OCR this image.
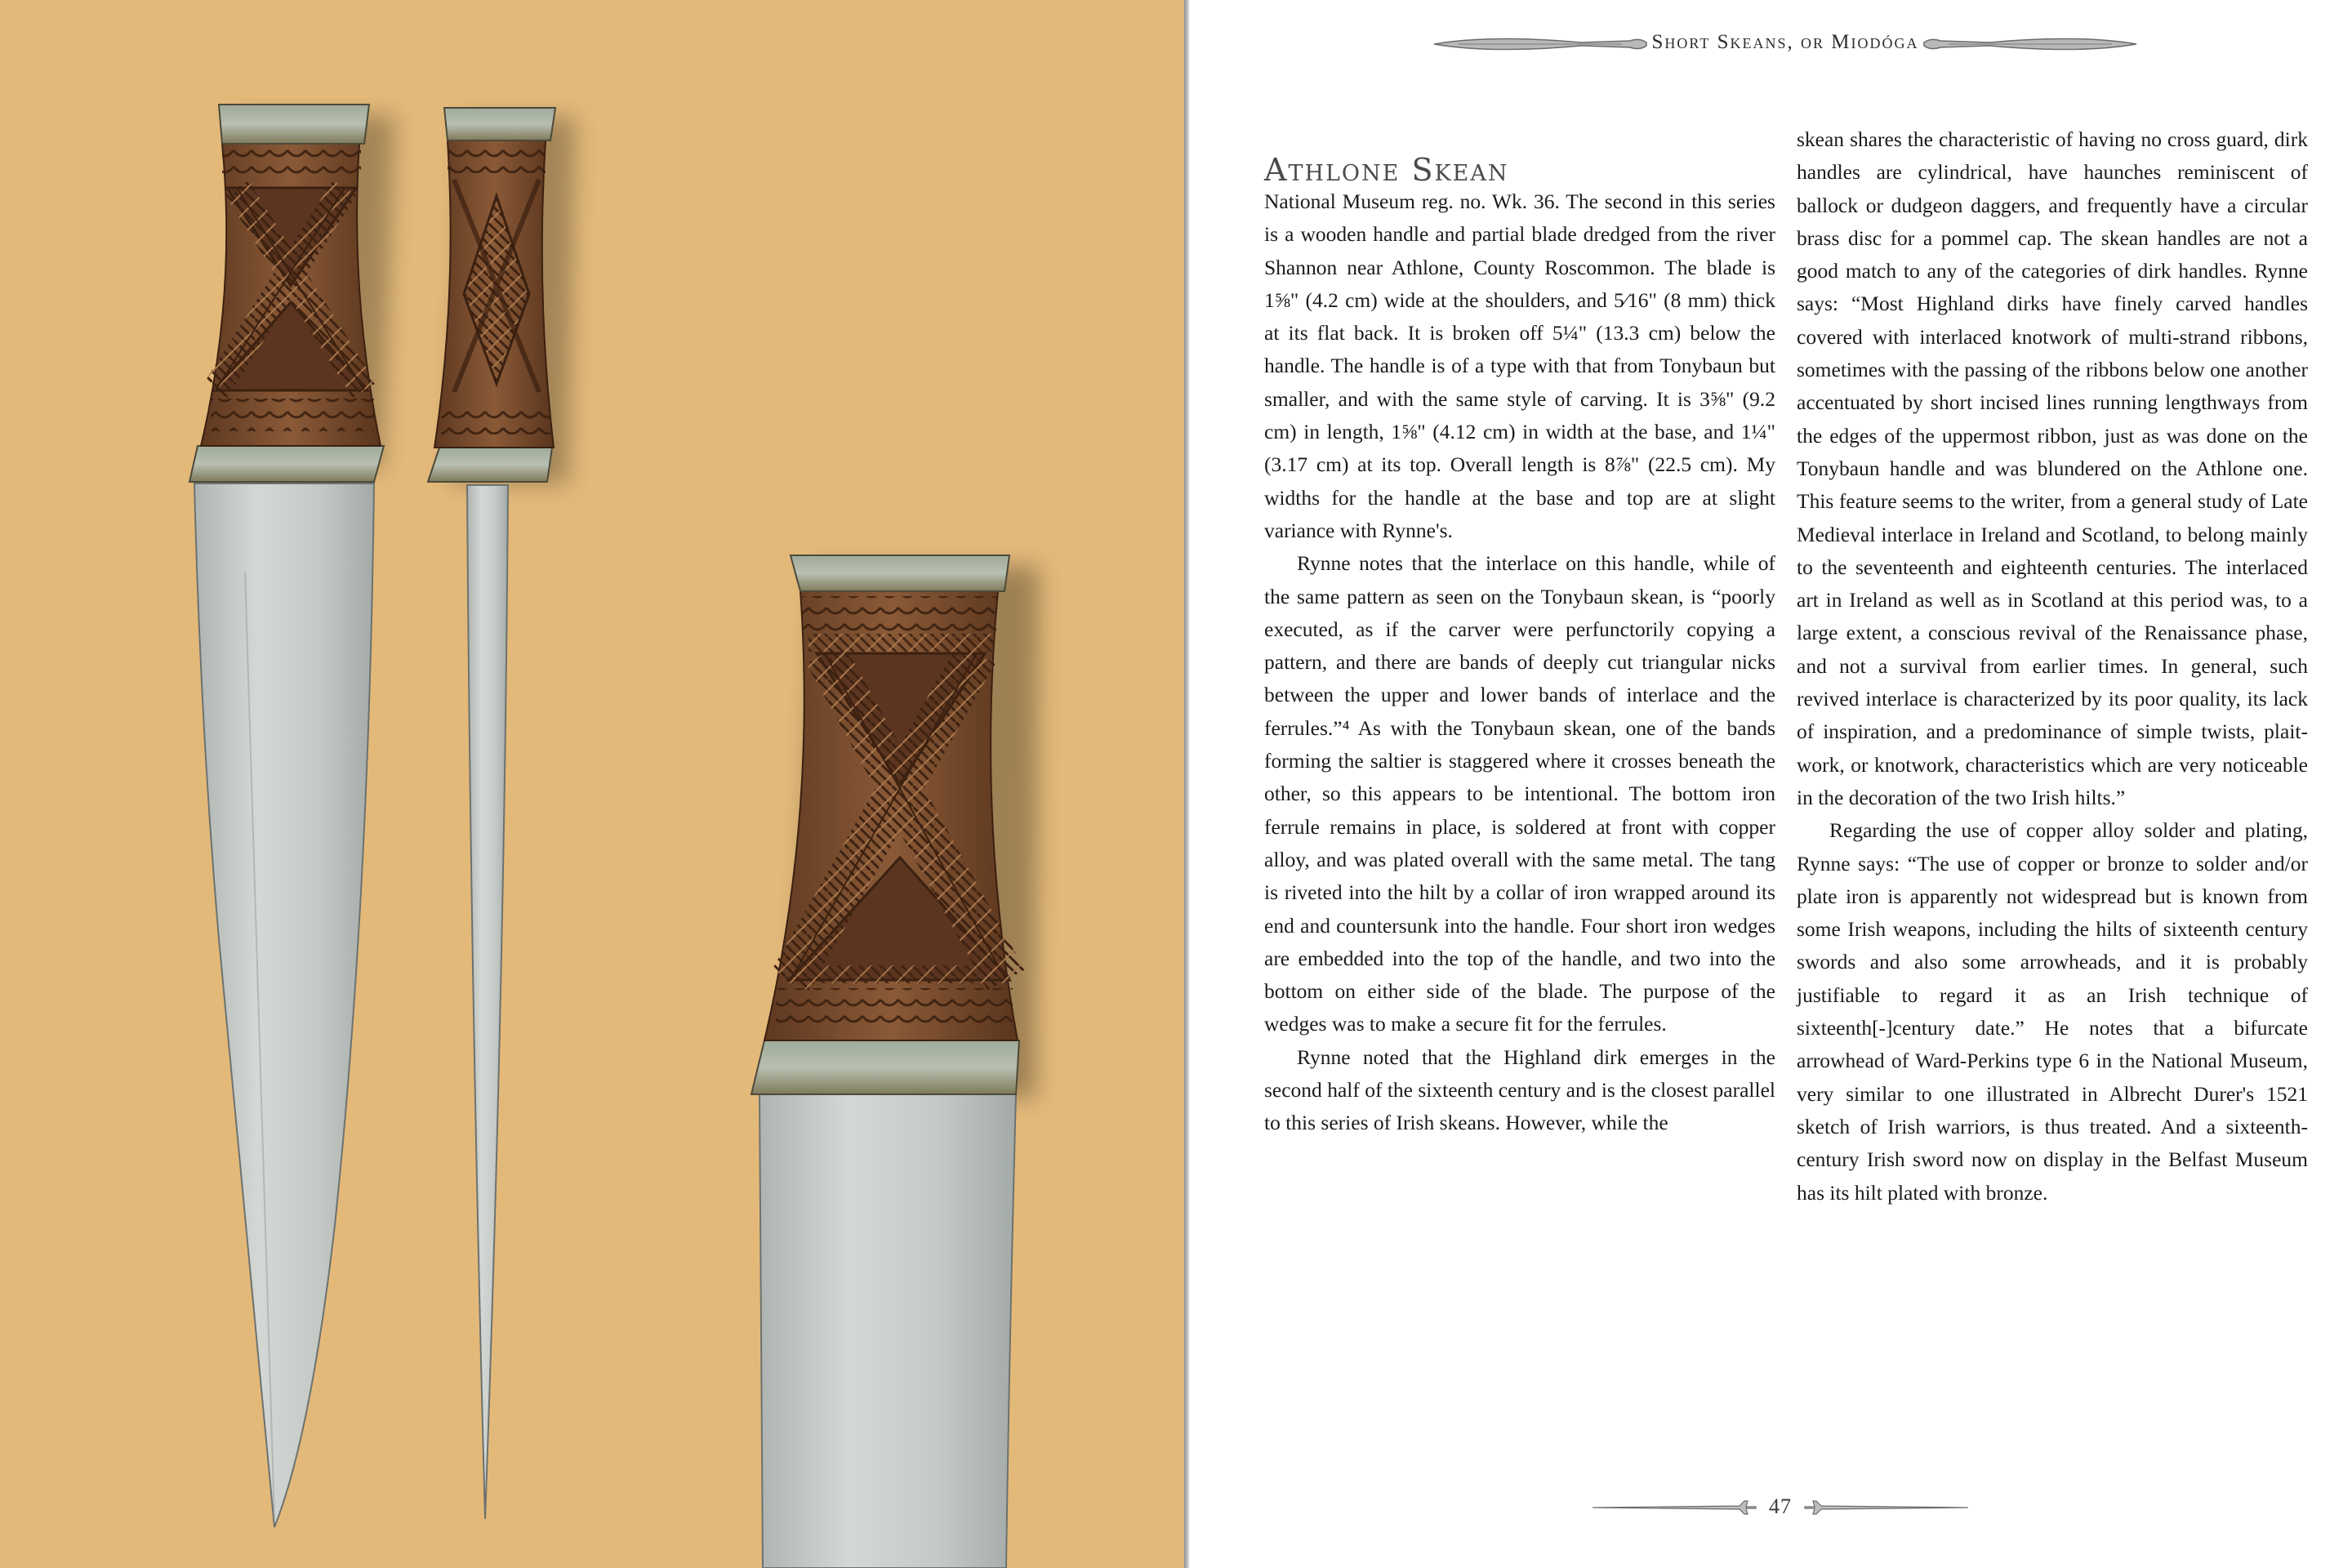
Short Skeans, or Miodóga
Athlone Skean

National Museum reg. no. Wk. 36. The second in this series is a wooden handle and partial blade dredged from the river Shannon near Athlone, County Roscommon. The blade is 1⅝" (4.2 cm) wide at the shoulders, and 5⁄16" (8 mm) thick at its flat back. It is broken off 5¼" (13.3 cm) below the handle. The handle is of a type with that from Tonybaun but smaller, and with the same style of carving. It is 3⅝" (9.2 cm) in length, 1⅝" (4.12 cm) in width at the base, and 1¼" (3.17 cm) at its top. Overall length is 8⅞" (22.5 cm). My widths for the handle at the base and top are at slight variance with Rynne's.

Rynne notes that the interlace on this handle, while of the same pattern as seen on the Tonybaun skean, is “poorly executed, as if the carver were perfunctorily copying a pattern, and there are bands of deeply cut triangular nicks between the upper and lower bands of interlace and the ferrules.”⁴ As with the Tonybaun skean, one of the bands forming the saltier is staggered where it crosses beneath the other, so this appears to be intentional. The bottom iron ferrule remains in place, is soldered at front with copper alloy, and was plated overall with the same metal. The tang is riveted into the hilt by a collar of iron wrapped around its end and countersunk into the handle. Four short iron wedges are embedded into the top of the handle, and two into the bottom on either side of the blade. The purpose of the wedges was to make a secure fit for the ferrules.

Rynne noted that the Highland dirk emerges in the second half of the sixteenth century and is the closest parallel to this series of Irish skeans. However, while the

skean shares the characteristic of having no cross guard, dirk handles are cylindrical, have haunches reminiscent of ballock or dudgeon daggers, and frequently have a circular brass disc for a pommel cap. The skean handles are not a good match to any of the categories of dirk handles. Rynne says: “Most Highland dirks have finely carved handles covered with interlaced knotwork of multi-strand ribbons, sometimes with the passing of the ribbons below one another accentuated by short incised lines running lengthways from the edges of the uppermost ribbon, just as was done on the Tonybaun handle and was blundered on the Athlone one. This feature seems to the writer, from a general study of Late Medieval interlace in Ireland and Scotland, to belong mainly to the seventeenth and eighteenth centuries. The interlaced art in Ireland as well as in Scotland at this period was, to a large extent, a conscious revival of the Renaissance phase, and not a survival from earlier times. In general, such revived interlace is characterized by its poor quality, its lack of inspiration, and a predominance of simple twists, plait-work, or knotwork, characteristics which are very noticeable in the decoration of the two Irish hilts.”

Regarding the use of copper alloy solder and plating, Rynne says: “The use of copper or bronze to solder and/or plate iron is apparently not widespread but is known from some Irish weapons, including the hilts of sixteenth century swords and also some arrowheads, and it is probably justifiable to regard it as an Irish technique of sixteenth[-]century date.” He notes that a bifurcate arrowhead of Ward-Perkins type 6 in the National Museum, very similar to one illustrated in Albrecht Durer's 1521 sketch of Irish warriors, is thus treated. And a sixteenth-century Irish sword now on display in the Belfast Museum has its hilt plated with bronze.

47
